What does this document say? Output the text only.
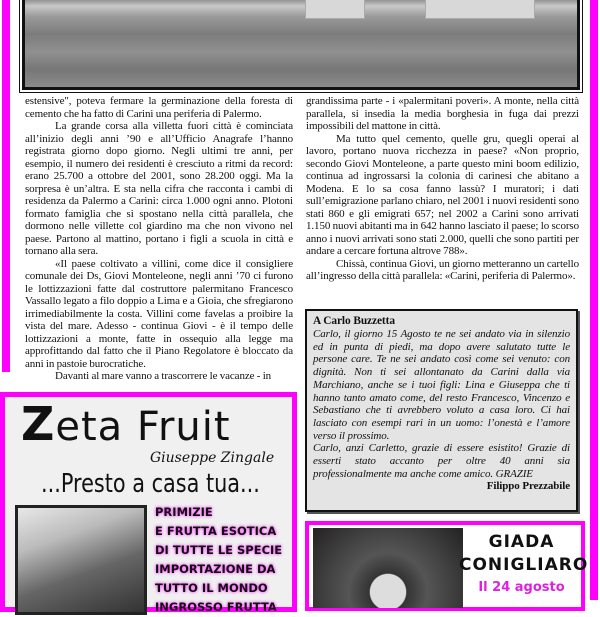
estensive", poteva fermare la germinazione della foresta di cemento che ha fatto di Carini una periferia di Palermo.

La grande corsa alla villetta fuori città è cominciata all’inizio degli anni ’90 e all’Ufficio Anagrafe l’hanno registrata giorno dopo giorno. Negli ultimi tre anni, per esempio, il numero dei residenti è cresciuto a ritmi da record: erano 25.700 a ottobre del 2001, sono 28.200 oggi. Ma la sorpresa è un’altra. E sta nella cifra che racconta i cambi di residenza da Palermo a Carini: circa 1.000 ogni anno. Plotoni formato famiglia che si spostano nella città parallela, che dormono nelle villette col giardino ma che non vivono nel paese. Partono al mattino, portano i figli a scuola in città e tornano alla sera.

«Il paese coltivato a villini, come dice il consigliere comunale dei Ds, Giovi Monteleone, negli anni ’70 ci furono le lottizzazioni fatte dal costruttore palermitano Francesco Vassallo legato a filo doppio a Lima e a Gioia, che sfregiarono irrimediabilmente la costa. Villini come favelas a proibire la vista del mare. Adesso - continua Giovi - è il tempo delle lottizzazioni a monte, fatte in ossequio alla legge ma approfittando dal fatto che il Piano Regolatore è bloccato da anni in pastoie burocratiche.

Davanti al mare vanno a trascorrere le vacanze - in

grandissima parte - i «palermitani poveri». A monte, nella città parallela, si insedia la media borghesia in fuga dai prezzi impossibili del mattone in città.

Ma tutto quel cemento, quelle gru, quegli operai al lavoro, portano nuova ricchezza in paese? «Non proprio, secondo Giovi Monteleone, a parte questo mini boom edilizio, continua ad ingrossarsi la colonia di carinesi che abitano a Modena. E lo sa cosa fanno lassù? I muratori; i dati sull’emigrazione parlano chiaro, nel 2001 i nuovi residenti sono stati 860 e gli emigrati 657; nel 2002 a Carini sono arrivati 1.150 nuovi abitanti ma in 642 hanno lasciato il paese; lo scorso anno i nuovi arrivati sono stati 2.000, quelli che sono partiti per andare a cercare fortuna altrove 788».

Chissà, continua Giovi, un giorno metteranno un cartello all’ingresso della città parallela: «Carini, periferia di Palermo».

A Carlo Buzzetta

Carlo, il giorno 15 Agosto te ne sei andato via in silenzio ed in punta di piedi, ma dopo avere salutato tutte le persone care. Te ne sei andato così come sei venuto: con dignità. Non ti sei allontanato da Carini dalla via Marchiano, anche se i tuoi figli: Lina e Giuseppa che ti hanno tanto amato come, del resto Francesco, Vincenzo e Sebastiano che ti avrebbero voluto a casa loro. Ci hai lasciato con esempi rari in un uomo: l’onestà e l’amore verso il prossimo.

Carlo, anzi Carletto, grazie di essere esistito! Grazie di esserti stato accanto per oltre 40 anni sia professionalmente ma anche come amico. GRAZIE

Filippo Prezzabile

Zeta Fruit
Giuseppe Zingale
...Presto a casa tua...
PRIMIZIE
E FRUTTA ESOTICA
DI TUTTE LE SPECIE
IMPORTAZIONE DA
TUTTO IL MONDO
INGROSSO FRUTTA
GIADA
CONIGLIARO
Il 24 agosto
